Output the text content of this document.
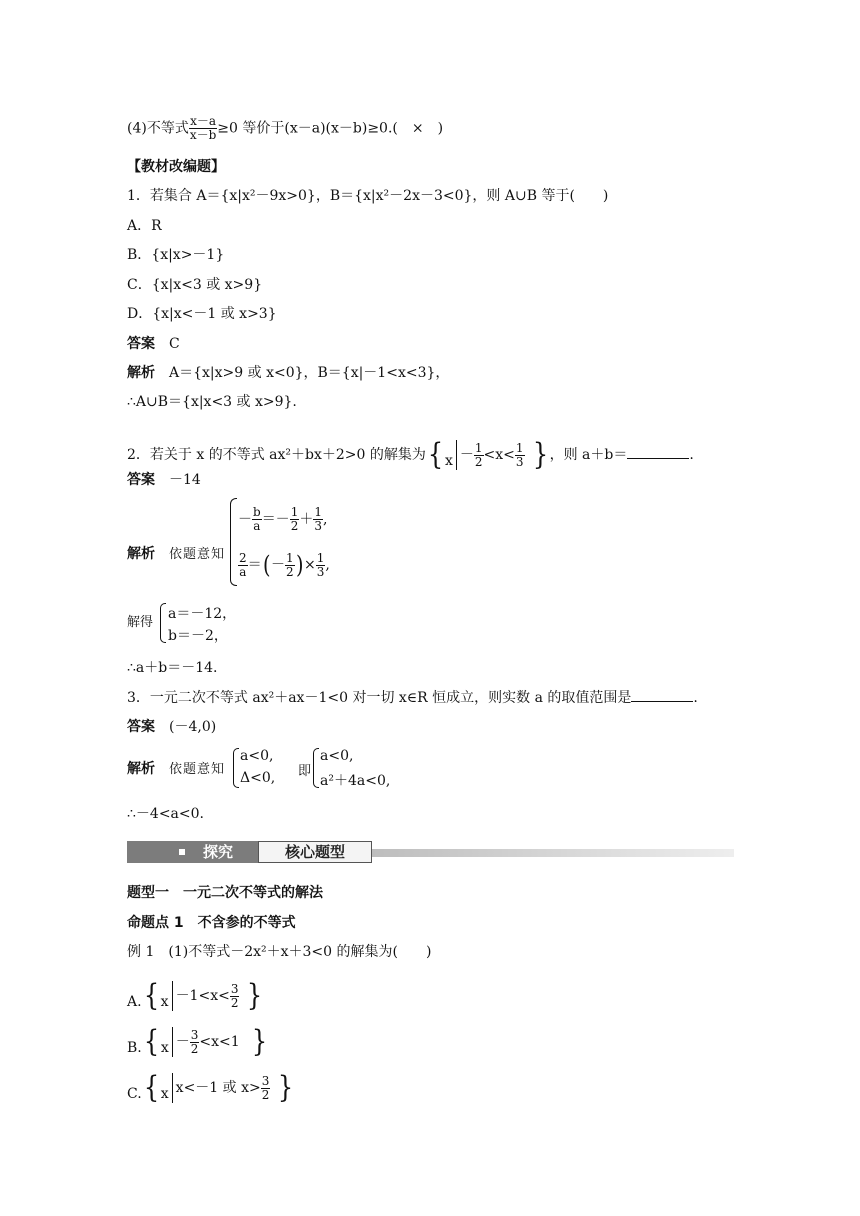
(4)不等式 $\frac{x-a}{x-b} \ge 0$ 等价于(x－a)(x－b)≥0.(　×　)
【教材改编题】
1．若集合 A＝{x|x²－9x>0}，B＝{x|x²－2x－3<0}，则 A∪B 等于(　　)
A．R
B．{x|x>－1}
C．{x|x<3 或 x>9}
D．{x|x<－1 或 x>3}
答案 C
解析 A＝{x|x>9 或 x<0}，B＝{x|－1<x<3}，
∴A∪B＝{x|x<3 或 x>9}.
2．若关于 x 的不等式 ax²＋bx＋2>0 的解集为{ $x - \frac{1}{2} <x< \frac{1}{3}$ } ，则 a＋b＝	.
答案 －14
解析 依题意知
－ $\frac{b}{a} =- \frac{1}{2} + \frac{1}{3}$ ,
$\frac{2}{a}$ ＝(－ $\frac{1}{2}$ )× $\frac{1}{3}$ ,
解得
a＝－12，
b＝－2，
∴a＋b＝－14.
3．一元二次不等式 ax²＋ax－1<0 对一切 x∈R 恒成立，则实数 a 的取值范围是	.
答案 (－4,0)
解析 依题意知
a<0,
Δ<0, 即
a<0,
a²＋4a<0,
∴－4<a<0.
探究	核心题型
题型一　一元二次不等式的解法
命题点 1　不含参的不等式
例 1　(1)不等式－2x²＋x＋3<0 的解集为(　　)
A.{ $x -1<x< \frac{3}{2}$ }
B.{ $x - \frac{3}{2} <x<1$ }
C.{ x x<－1 或 $x> \frac{3}{2}$ }
